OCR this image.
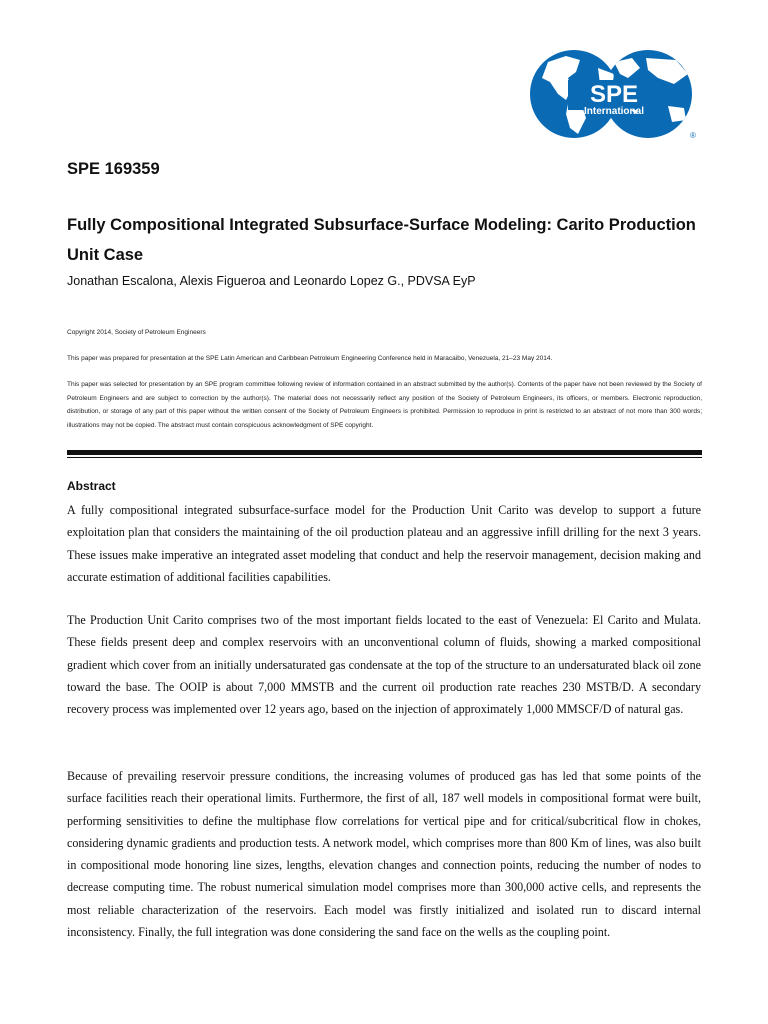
SPE
International
®
SPE 169359
Fully Compositional Integrated Subsurface-Surface Modeling: Carito Production Unit Case

Jonathan Escalona, Alexis Figueroa and Leonardo Lopez G., PDVSA EyP

Copyright 2014, Society of Petroleum Engineers

This paper was prepared for presentation at the SPE Latin American and Caribbean Petroleum Engineering Conference held in Maracaibo, Venezuela, 21–23 May 2014.

This paper was selected for presentation by an SPE program committee following review of information contained in an abstract submitted by the author(s). Contents of the paper have not been reviewed by the Society of Petroleum Engineers and are subject to correction by the author(s). The material does not necessarily reflect any position of the Society of Petroleum Engineers, its officers, or members. Electronic reproduction, distribution, or storage of any part of this paper without the written consent of the Society of Petroleum Engineers is prohibited. Permission to reproduce in print is restricted to an abstract of not more than 300 words; illustrations may not be copied. The abstract must contain conspicuous acknowledgment of SPE copyright.

Abstract

A fully compositional integrated subsurface-surface model for the Production Unit Carito was develop to support a future exploitation plan that considers the maintaining of the oil production plateau and an aggressive infill drilling for the next 3 years. These issues make imperative an integrated asset modeling that conduct and help the reservoir management, decision making and accurate estimation of additional facilities capabilities.

The Production Unit Carito comprises two of the most important fields located to the east of Venezuela: El Carito and Mulata. These fields present deep and complex reservoirs with an unconventional column of fluids, showing a marked compositional gradient which cover from an initially undersaturated gas condensate at the top of the structure to an undersaturated black oil zone toward the base. The OOIP is about 7,000 MMSTB and the current oil production rate reaches 230 MSTB/D. A secondary recovery process was implemented over 12 years ago, based on the injection of approximately 1,000 MMSCF/D of natural gas.

Because of prevailing reservoir pressure conditions, the increasing volumes of produced gas has led that some points of the surface facilities reach their operational limits. Furthermore, the first of all, 187 well models in compositional format were built, performing sensitivities to define the multiphase flow correlations for vertical pipe and for critical/subcritical flow in chokes, considering dynamic gradients and production tests. A network model, which comprises more than 800 Km of lines, was also built in compositional mode honoring line sizes, lengths, elevation changes and connection points, reducing the number of nodes to decrease computing time. The robust numerical simulation model comprises more than 300,000 active cells, and represents the most reliable characterization of the reservoirs. Each model was firstly initialized and isolated run to discard internal inconsistency. Finally, the full integration was done considering the sand face on the wells as the coupling point.
